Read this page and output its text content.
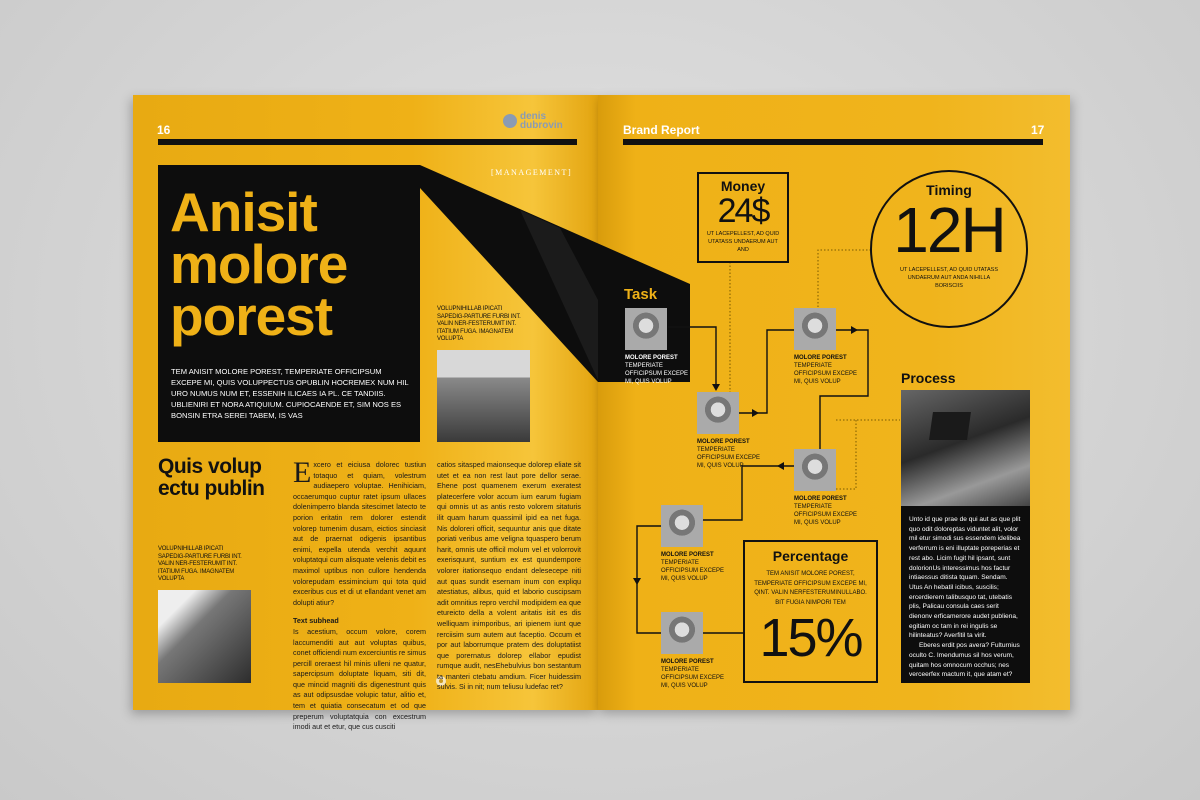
16
denis
dubrovin
Anisit
molore
porest
TEM ANISIT MOLORE POREST, TEMPERIATE OFFICIPSUM EXCEPE MI, QUIS VOLUPPECTUS OPUBLIN HOCREMEX NUM HIL URO NUMUS NUM ET, ESSENIH ILICAES IA PL. CE TANDIIS. UBLIENIRI ET NORA ATIQUIUM. CUPIOCAENDE ET, SIM NOS ES BONSIN ETRA SEREI TABEM, IS VAS
[MANAGEMENT]
VOLUPNIHILLAB IPICATI SAPEDIG-PARTURE FURBI INT. VALIN NER-FESTERUMIT INT. ITATIUM FUGA. IMAGNATEM VOLUPTA
Quis volup
ectu publin
VOLUPNIHILLAB IPICATI SAPEDIG-PARTURE FURBI INT. VALIN NER-FESTERUMIT INT. ITATIUM FUGA. IMAGNATEM VOLUPTA
Excero et eiciusa dolorec tustiun totaquo et quiam, volestrum audiaepero voluptae. Henihiciam, occaerumquo cuptur ratet ipsum ullaces dolenimperro blanda sitescimet latecto te porion eritatin rem dolorer estendit volorep tumenim dusam, eictios sinciasit aut de praernat odigenis ipsantibus enimi, expella utenda verchit aquunt voluptatqui cum alisquate velenis debit es maximol uptibus non cullore hendenda volorepudam essimincium qui tota quid exceribus cus et di ut ellandant venet am dolupti atiur?
Text subhead
Is acestium, occum volore, corem laccumenditi aut aut voluptas quibus, conet officiendi num excerciuntis re simus percill oreraest hil minis ulleni ne quatur, sapercipsum doluptate liquam, siti dit, que mincid magniti dis digenestrunt quis as aut odipsusdae volupic tatur, alitio et, tem et quiatia consecatum et od que preperum voluptatquia con excestrum imodi aut et etur, que cus cusciti
catios sitasped maionseque dolorep eliate sit utet et ea non rest laut pore dellor serae. Ehene post quamenem exerum exeratest platecerfere volor accum ium earum fugiam qui omnis ut as antis resto volorem sitaturis ilit quam harum quassimil ipid ea net fuga. Nis doloreri officit, sequuntur anis que ditate poriati veribus ame veligna tquaspero berum harit, omnis ute officil molum vel et volorrovit exerisquunt, suntium ex est quundempore volorer itationsequo endant delesecepe niti aut quas sundit esernam inum con expliqu atestiatus, alibus, quid et laborio cuscipsam adit omnitius repro verchil modipidem ea que etureicto della a volent aritatis isit es dis welliquam inimporibus, ari ipienem iunt que rerciisim sum autem aut faceptio. Occum et por aut laborrumque pratem des doluptatiist que porernatus dolorep ellabor epudist rumque audit, nesEhebulvius bon sestantum ta manteri ctebatu amdium. Ficer huidessim sulvis. Si in nit; num teliusu ludefac ret?
Brand Report	17
Money
24$
UT LACEPELLEST, AD QUID UTATASS UNDAERUM AUT AND
Timing
12H
UT LACEPELLEST, AD QUID UTATASS UNDAERUM AUT ANDA NIHILLA BORISCIIS
Task
MOLORE POREST
TEMPERIATE OFFICIPSUM EXCEPE MI, QUIS VOLUP
MOLORE POREST
TEMPERIATE OFFICIPSUM EXCEPE MI, QUIS VOLUP
MOLORE POREST
TEMPERIATE OFFICIPSUM EXCEPE MI, QUIS VOLUP
MOLORE POREST
TEMPERIATE OFFICIPSUM EXCEPE MI, QUIS VOLUP
MOLORE POREST
TEMPERIATE OFFICIPSUM EXCEPE MI, QUIS VOLUP
MOLORE POREST
TEMPERIATE OFFICIPSUM EXCEPE MI, QUIS VOLUP
Percentage
TEM ANISIT MOLORE POREST, TEMPERIATE OFFICIPSUM EXCEPE MI, QINT. VALIN NERFESTERUMINULLABO. BIT FUGIA NIMPORI TEM
15%
Process
Unto id que prae de qui aut as que plit quo odit doloreptas viduntet alit, volor mil etur simodi sus essendem idelibea verferrum is eni illuptate poreperias et rest abo. Licim fugit hil ipsant, sunt dolorionUs interessimus hos factur intiaessus ditista tquam. Sendam. Utus An hebatil icibus, suscilis; ercerdierem talibusquo tat, utebatis plis, Palicau consula caes serit dienonv erficamerore audet publiena, egitiam oc tam in rei ingulis se hilinteatus? Averfitil ta virit.
Eberes erdit pos avera? Fulturnius oculto C. Imendumus sil hos verum, quitam hos omnocum occhus; nes verceerfex mactum it, que atam et?
